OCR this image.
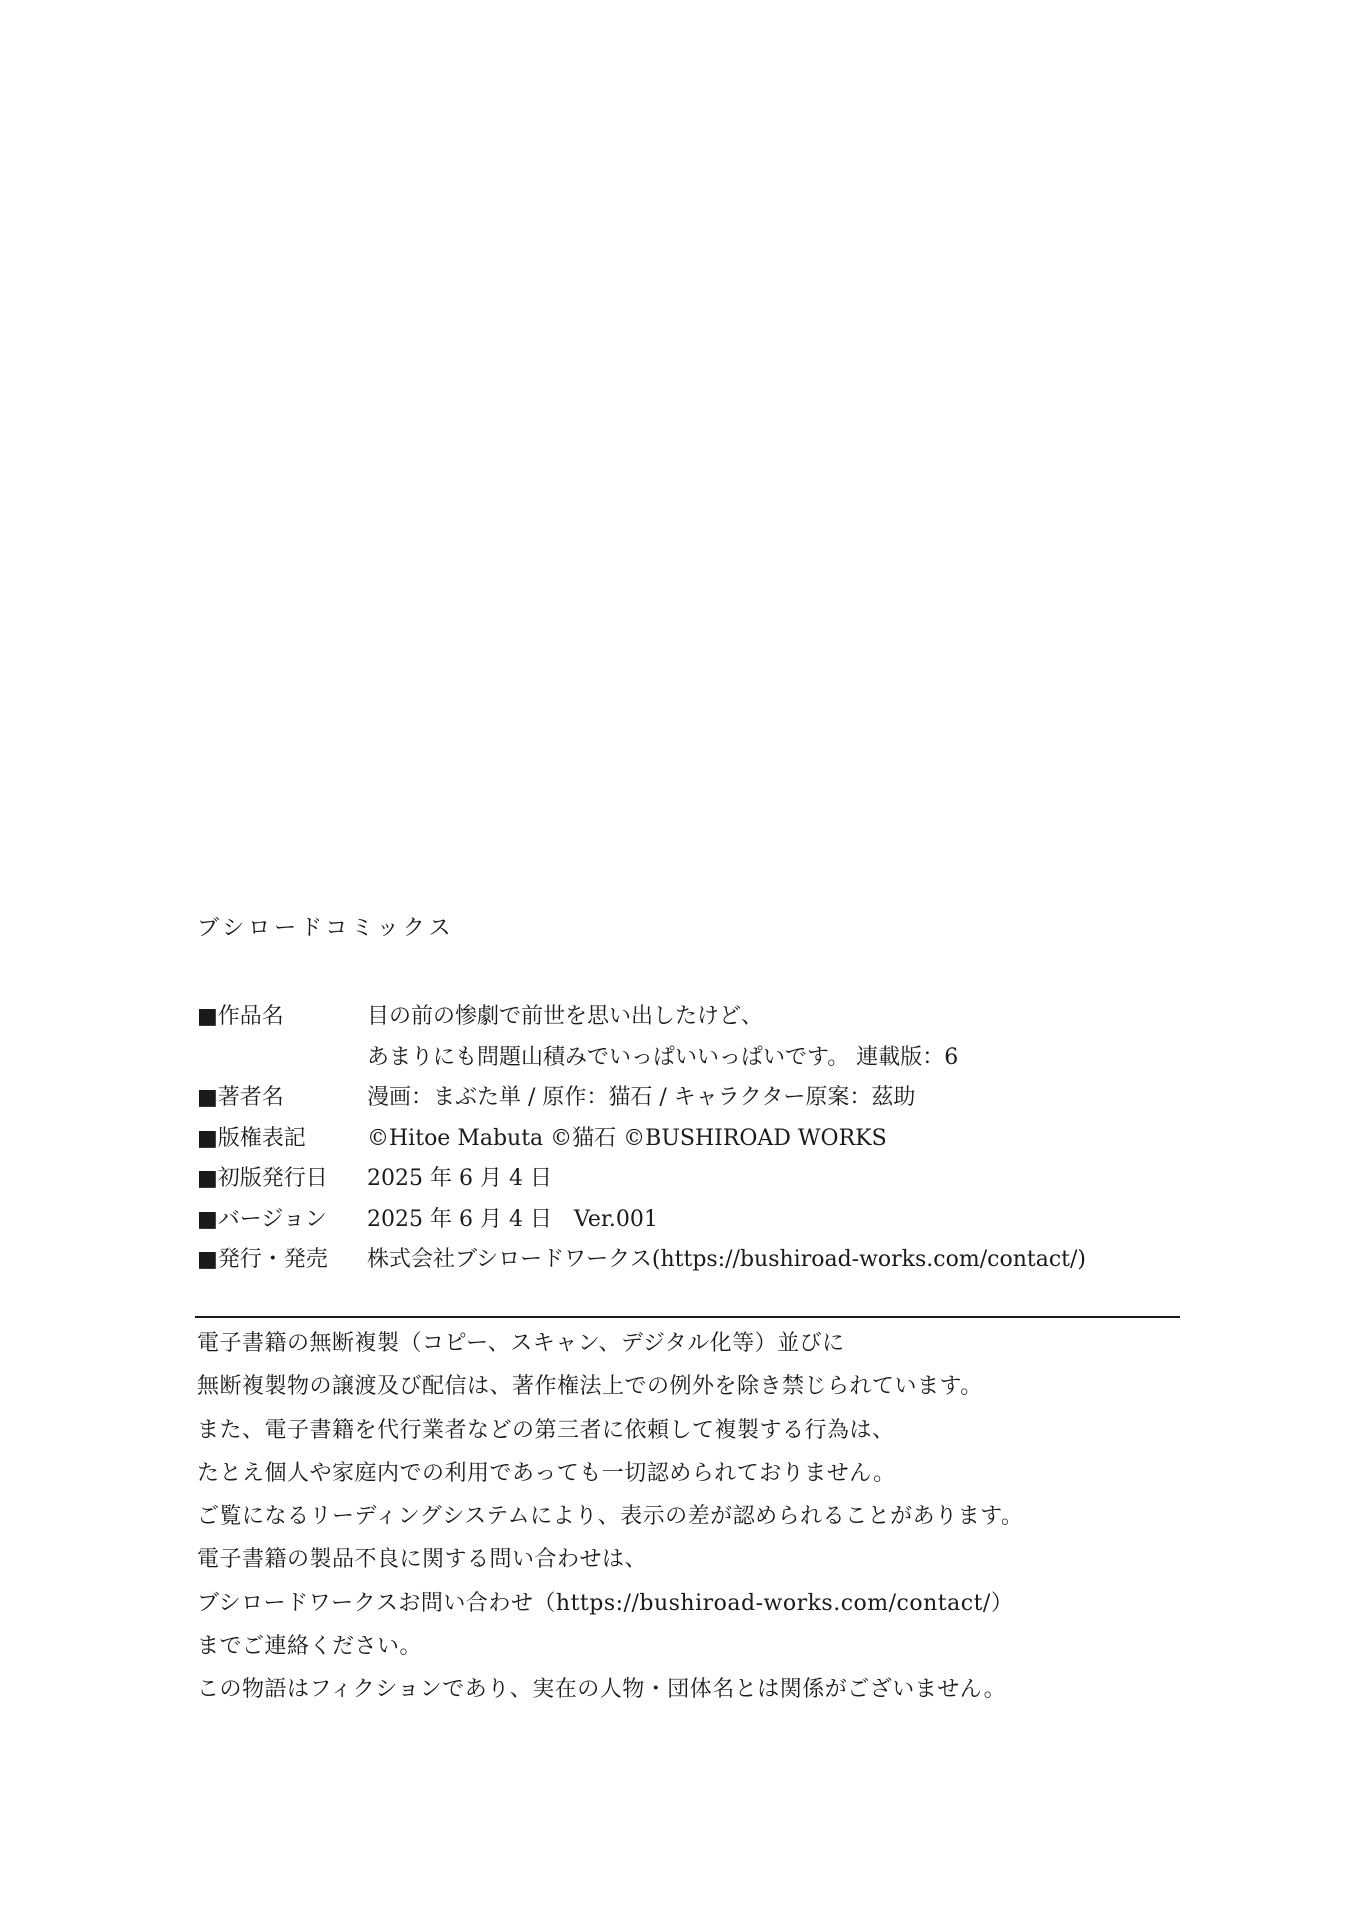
ブシロードコミックス
■作品名	目の前の惨劇で前世を思い出したけど、
あまりにも問題山積みでいっぱいいっぱいです。 連載版：6
■著者名	漫画：まぶた単 / 原作：猫石 / キャラクター原案：茲助
■版権表記	©Hitoe Mabuta ©猫石 ©BUSHIROAD WORKS
■初版発行日 2025 年 6 月 4 日
■バージョン 2025 年 6 月 4 日　Ver.001
■発行・発売 株式会社ブシロードワークス(https://bushiroad-works.com/contact/)
電子書籍の無断複製（コピー、スキャン、デジタル化等）並びに
無断複製物の譲渡及び配信は、著作権法上での例外を除き禁じられています。
また、電子書籍を代行業者などの第三者に依頼して複製する行為は、
たとえ個人や家庭内での利用であっても一切認められておりません。
ご覧になるリーディングシステムにより、表示の差が認められることがあります。
電子書籍の製品不良に関する問い合わせは、
ブシロードワークスお問い合わせ（https://bushiroad-works.com/contact/）
までご連絡ください。
この物語はフィクションであり、実在の人物・団体名とは関係がございません。
